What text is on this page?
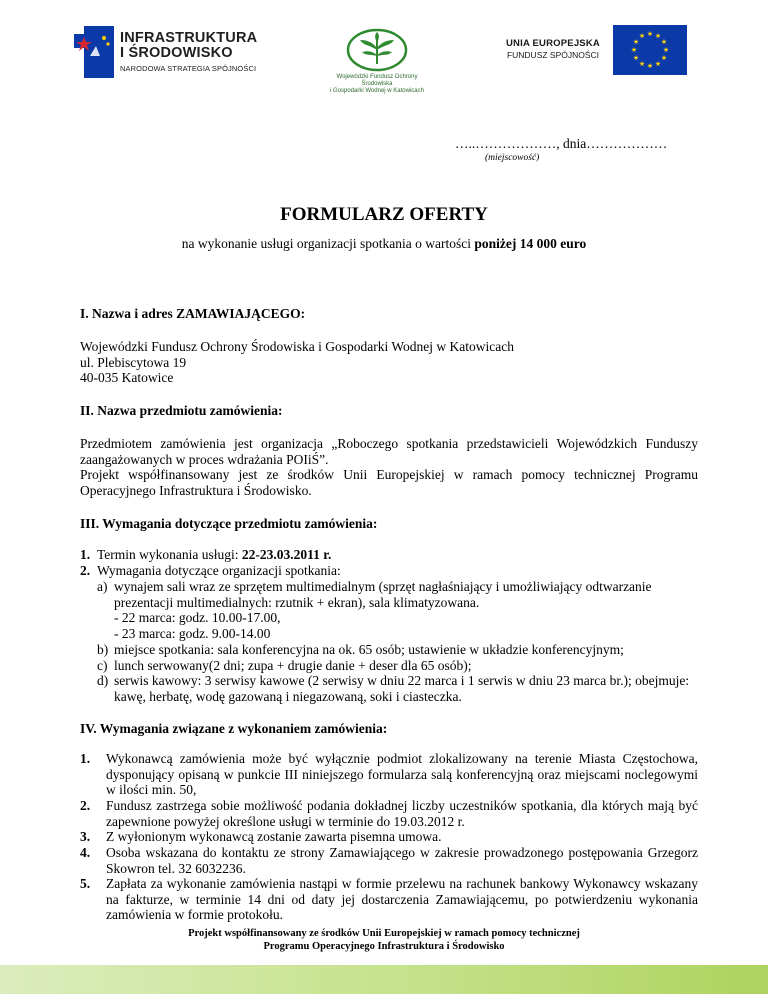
INFRASTRUKTURA
I ŚRODOWISKO
NARODOWA STRATEGIA SPÓJNOŚCI
Wojewódzki Fundusz Ochrony Środowiska
i Gospodarki Wodnej w Katowicach
UNIA EUROPEJSKA
FUNDUSZ SPÓJNOŚCI
★ ★
★
★
★
★
★
★
★
★
★
★
…..………………, dnia………………
(miejscowość)
FORMULARZ OFERTY
na wykonanie usługi organizacji spotkania o wartości poniżej 14 000 euro
I. Nazwa i adres ZAMAWIAJĄCEGO:
Wojewódzki Fundusz Ochrony Środowiska i Gospodarki Wodnej w Katowicach
ul. Plebiscytowa 19
40-035 Katowice
II. Nazwa przedmiotu zamówienia:
Przedmiotem zamówienia jest organizacja „Roboczego spotkania przedstawicieli Wojewódzkich Funduszy zaangażowanych w proces wdrażania POIiŚ”.
Projekt współfinansowany jest ze środków Unii Europejskiej w ramach pomocy technicznej Programu Operacyjnego Infrastruktura i Środowisko.
III. Wymagania dotyczące przedmiotu zamówienia:
1. Termin wykonania usługi: 22-23.03.2011 r.
2. Wymagania dotyczące organizacji spotkania:
a) wynajem sali wraz ze sprzętem multimedialnym (sprzęt nagłaśniający i umożliwiający odtwarzanie prezentacji multimedialnych: rzutnik + ekran), sala klimatyzowana.
- 22 marca: godz. 10.00-17.00,
- 23 marca: godz. 9.00-14.00
b) miejsce spotkania: sala konferencyjna na ok. 65 osób; ustawienie w układzie konferencyjnym;
c) lunch serwowany(2 dni; zupa + drugie danie + deser dla 65 osób);
d) serwis kawowy: 3 serwisy kawowe (2 serwisy w dniu 22 marca i 1 serwis w dniu 23 marca br.); obejmuje: kawę, herbatę, wodę gazowaną i niegazowaną, soki i ciasteczka.
IV. Wymagania związane z wykonaniem zamówienia:
1.	Wykonawcą zamówienia może być wyłącznie podmiot zlokalizowany na terenie Miasta Częstochowa, dysponujący opisaną w punkcie III niniejszego formularza salą konferencyjną oraz miejscami noclegowymi w ilości min. 50,
2.	Fundusz zastrzega sobie możliwość podania dokładnej liczby uczestników spotkania, dla których mają być zapewnione powyżej określone usługi w terminie do 19.03.2012 r.
3.	Z wyłonionym wykonawcą zostanie zawarta pisemna umowa.
4.	Osoba wskazana do kontaktu ze strony Zamawiającego w zakresie prowadzonego postępowania Grzegorz Skowron tel. 32 6032236.
5.	Zapłata za wykonanie zamówienia nastąpi w formie przelewu na rachunek bankowy Wykonawcy wskazany na fakturze, w terminie 14 dni od daty jej dostarczenia Zamawiającemu, po potwierdzeniu wykonania zamówienia w formie protokołu.
Projekt współfinansowany ze środków Unii Europejskiej w ramach pomocy technicznej
Programu Operacyjnego Infrastruktura i Środowisko
